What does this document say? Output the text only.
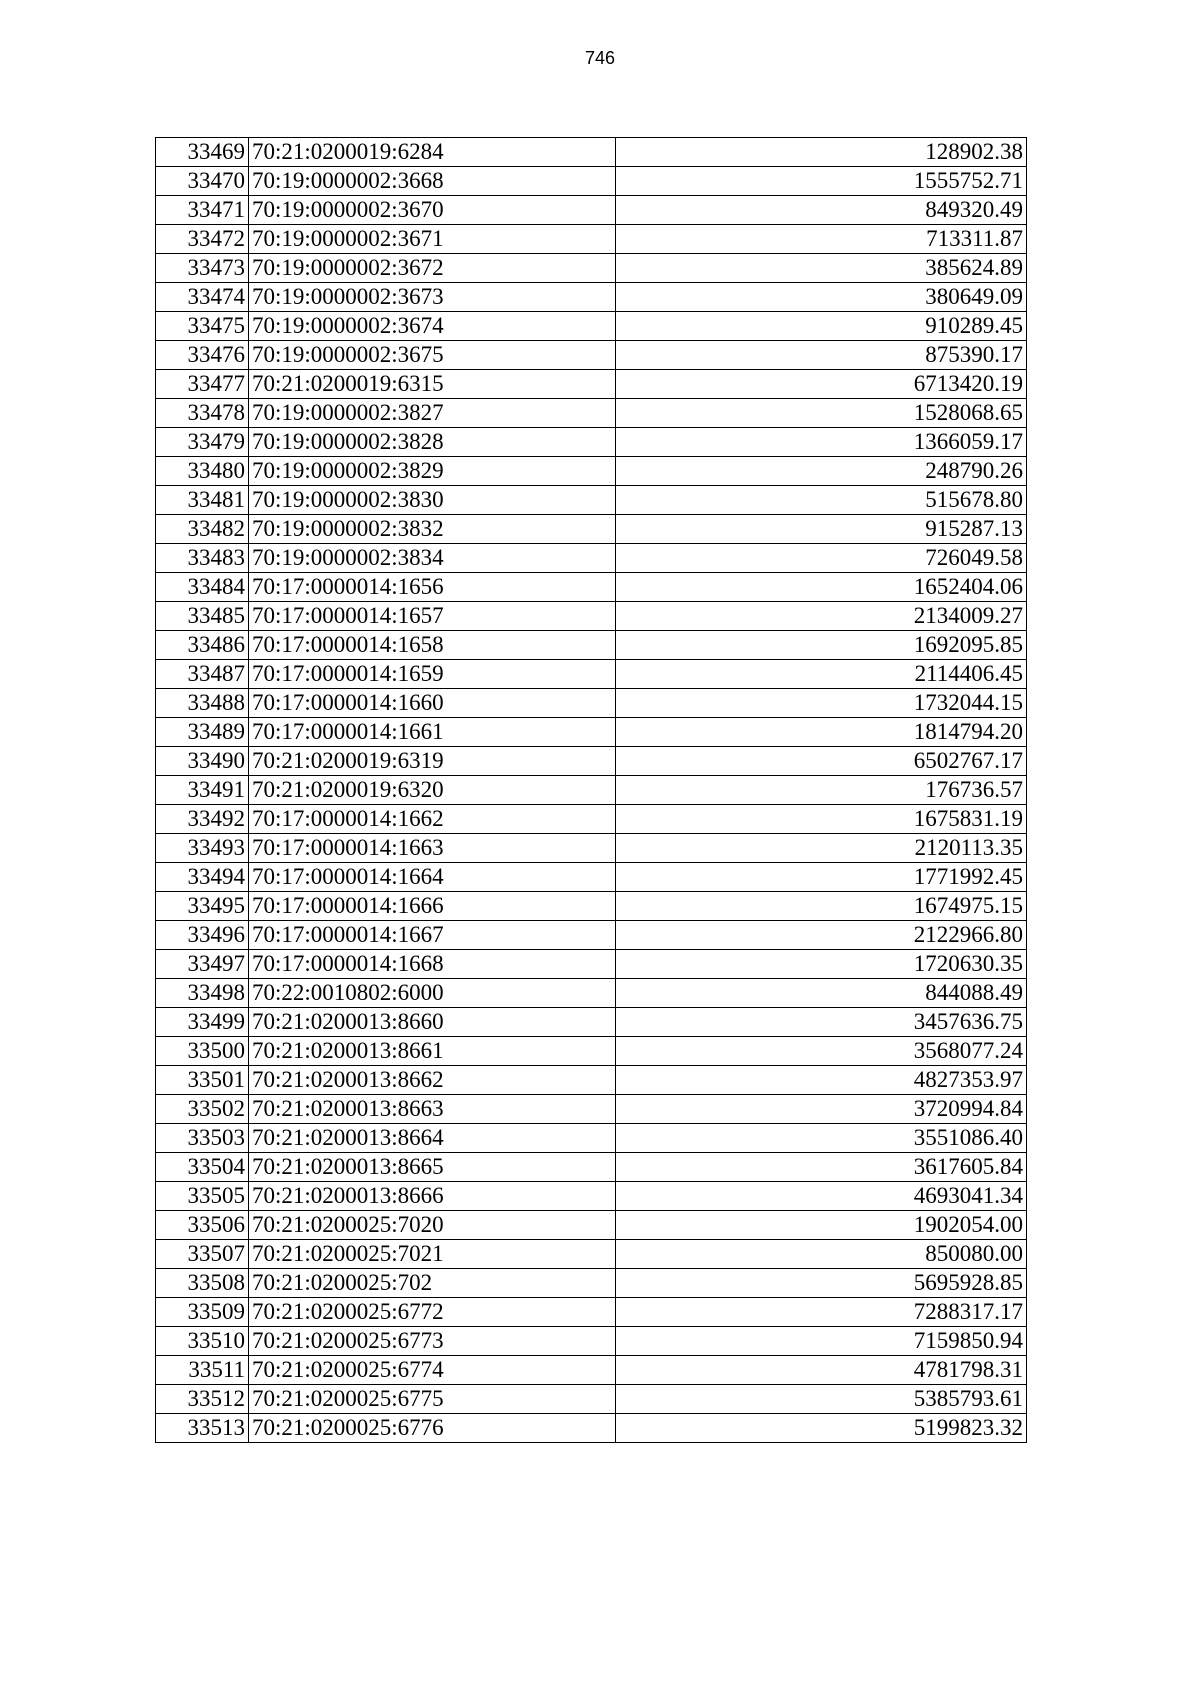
746
33469	70:21:0200019:6284	128902.38
33470	70:19:0000002:3668	1555752.71
33471	70:19:0000002:3670	849320.49
33472	70:19:0000002:3671	713311.87
33473	70:19:0000002:3672	385624.89
33474	70:19:0000002:3673	380649.09
33475	70:19:0000002:3674	910289.45
33476	70:19:0000002:3675	875390.17
33477	70:21:0200019:6315	6713420.19
33478	70:19:0000002:3827	1528068.65
33479	70:19:0000002:3828	1366059.17
33480	70:19:0000002:3829	248790.26
33481	70:19:0000002:3830	515678.80
33482	70:19:0000002:3832	915287.13
33483	70:19:0000002:3834	726049.58
33484	70:17:0000014:1656	1652404.06
33485	70:17:0000014:1657	2134009.27
33486	70:17:0000014:1658	1692095.85
33487	70:17:0000014:1659	2114406.45
33488	70:17:0000014:1660	1732044.15
33489	70:17:0000014:1661	1814794.20
33490	70:21:0200019:6319	6502767.17
33491	70:21:0200019:6320	176736.57
33492	70:17:0000014:1662	1675831.19
33493	70:17:0000014:1663	2120113.35
33494	70:17:0000014:1664	1771992.45
33495	70:17:0000014:1666	1674975.15
33496	70:17:0000014:1667	2122966.80
33497	70:17:0000014:1668	1720630.35
33498	70:22:0010802:6000	844088.49
33499	70:21:0200013:8660	3457636.75
33500	70:21:0200013:8661	3568077.24
33501	70:21:0200013:8662	4827353.97
33502	70:21:0200013:8663	3720994.84
33503	70:21:0200013:8664	3551086.40
33504	70:21:0200013:8665	3617605.84
33505	70:21:0200013:8666	4693041.34
33506	70:21:0200025:7020	1902054.00
33507	70:21:0200025:7021	850080.00
33508	70:21:0200025:702	5695928.85
33509	70:21:0200025:6772	7288317.17
33510	70:21:0200025:6773	7159850.94
33511	70:21:0200025:6774	4781798.31
33512	70:21:0200025:6775	5385793.61
33513	70:21:0200025:6776	5199823.32
